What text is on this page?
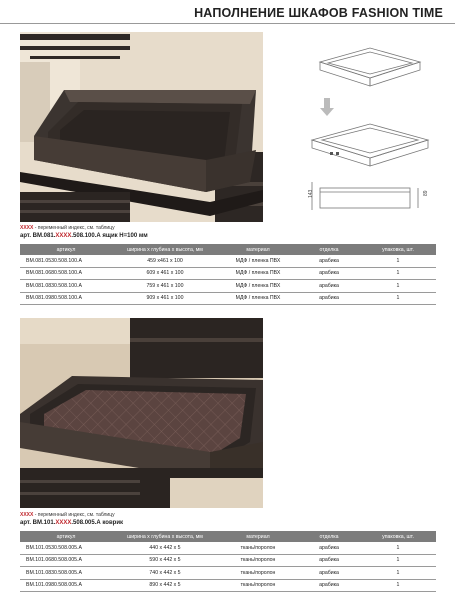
НАПОЛНЕНИЕ ШКАФОВ FASHION TIME
143	89
XXXX - переменный индекс, см. таблицу
арт. ВМ.081.XXXX.508.100.А ящик Н=100 мм
артикул	ширина х глубина х высота, мм	материал	отделка	упаковка, шт.
ВМ.081.0530.508.100.А	459 х461 х 100	МДФ / пленка ПВХ	арабика	1
ВМ.081.0680.508.100.А	609 х 461 х 100	МДФ / пленка ПВХ	арабика	1
ВМ.081.0830.508.100.А	759 х 461 х 100	МДФ / пленка ПВХ	арабика	1
ВМ.081.0980.508.100.А	909 х 461 х 100	МДФ / пленка ПВХ	арабика	1
XXXX - переменный индекс, см. таблицу
арт. ВМ.101.XXXX.508.005.А коврик
артикул	ширина х глубина х высота, мм	материал	отделка	упаковка, шт.
ВМ.101.0530.508.005.А	440 х 442 х 5	ткань/поролон	арабика	1
ВМ.101.0680.508.005.А	590 х 442 х 5	ткань/поролон	арабика	1
ВМ.101.0830.508.005.А	740 х 442 х 5	ткань/поролон	арабика	1
ВМ.101.0980.508.005.А	890 х 442 х 5	ткань/поролон	арабика	1
